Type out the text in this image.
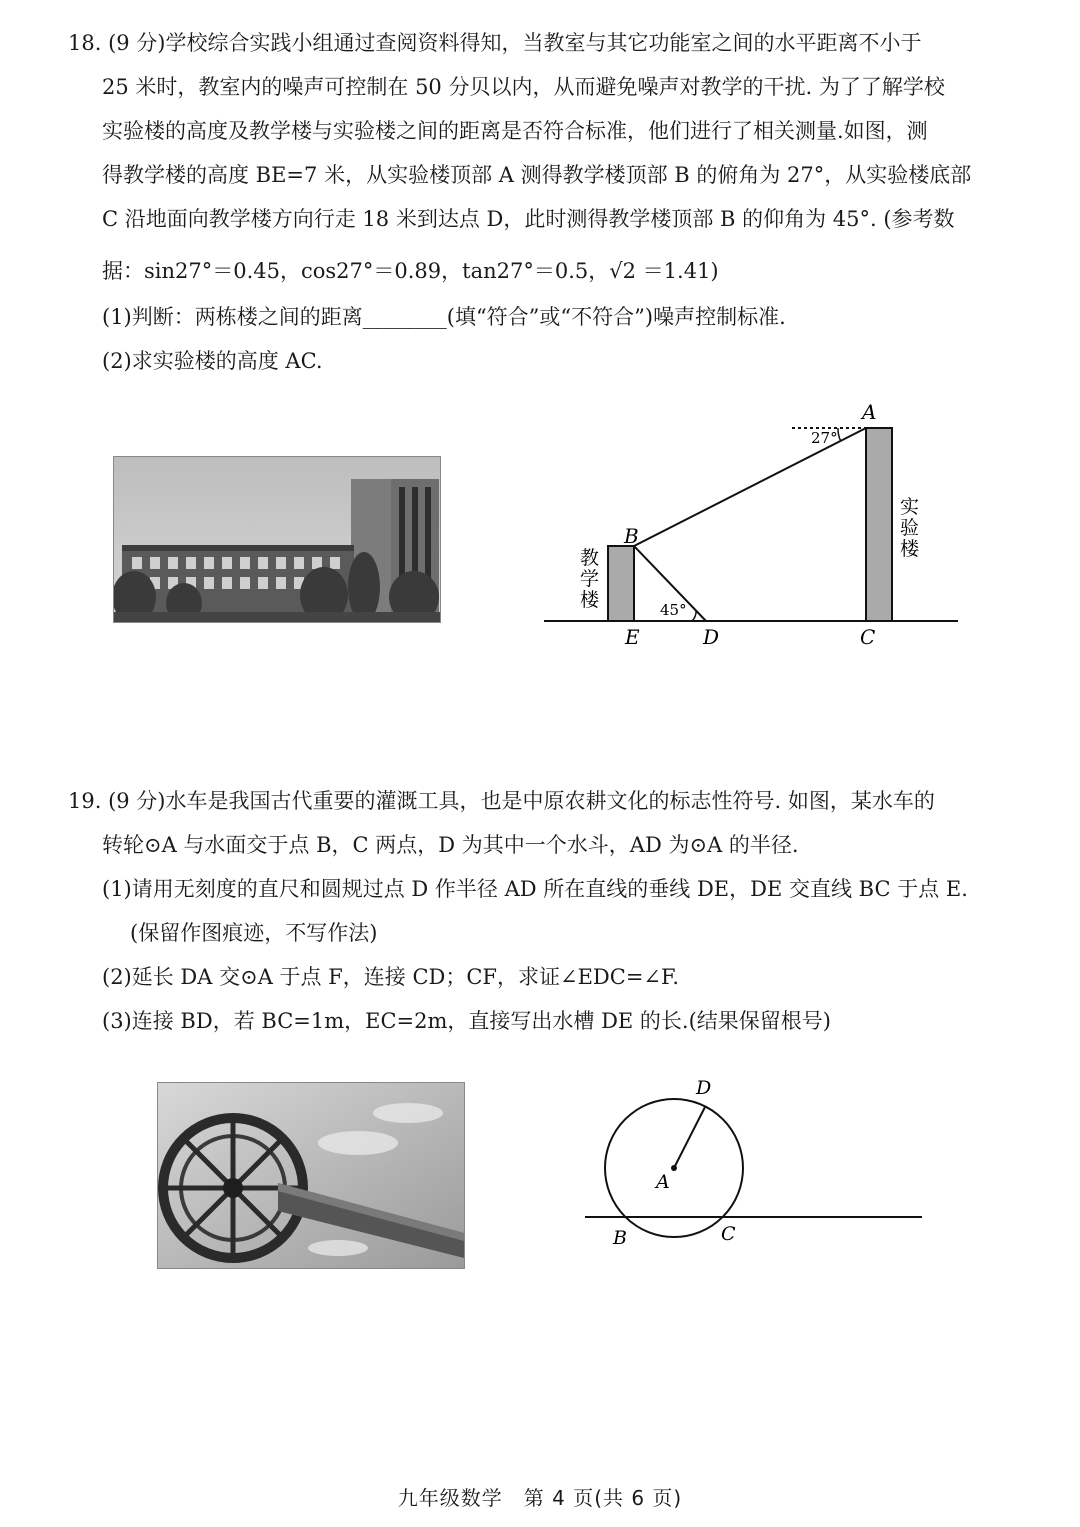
18. (9 分)学校综合实践小组通过查阅资料得知，当教室与其它功能室之间的水平距离不小于
25 米时，教室内的噪声可控制在 50 分贝以内，从而避免噪声对教学的干扰. 为了了解学校
实验楼的高度及教学楼与实验楼之间的距离是否符合标准，他们进行了相关测量.如图，测
得教学楼的高度 BE=7 米，从实验楼顶部 A 测得教学楼顶部 B 的俯角为 27°，从实验楼底部
C 沿地面向教学楼方向行走 18 米到达点 D，此时测得教学楼顶部 B 的仰角为 45°. (参考数
据：sin27°＝0.45，cos27°＝0.89，tan27°＝0.5，√2 ＝1.41)
(1)判断：两栋楼之间的距离________(填“符合”或“不符合”)噪声控制标准.
(2)求实验楼的高度 AC.
27°
45°
A
B
C
D
E
教
学
楼
实
验
楼
19. (9 分)水车是我国古代重要的灌溉工具，也是中原农耕文化的标志性符号. 如图，某水车的
转轮⊙A 与水面交于点 B，C 两点，D 为其中一个水斗，AD 为⊙A 的半径.
(1)请用无刻度的直尺和圆规过点 D 作半径 AD 所在直线的垂线 DE，DE 交直线 BC 于点 E.
(保留作图痕迹，不写作法)
(2)延长 DA 交⊙A 于点 F，连接 CD；CF，求证∠EDC=∠F.
(3)连接 BD，若 BC=1m，EC=2m，直接写出水槽 DE 的长.(结果保留根号)
D
A
B	C
九年级数学　第 4 页(共 6 页)
